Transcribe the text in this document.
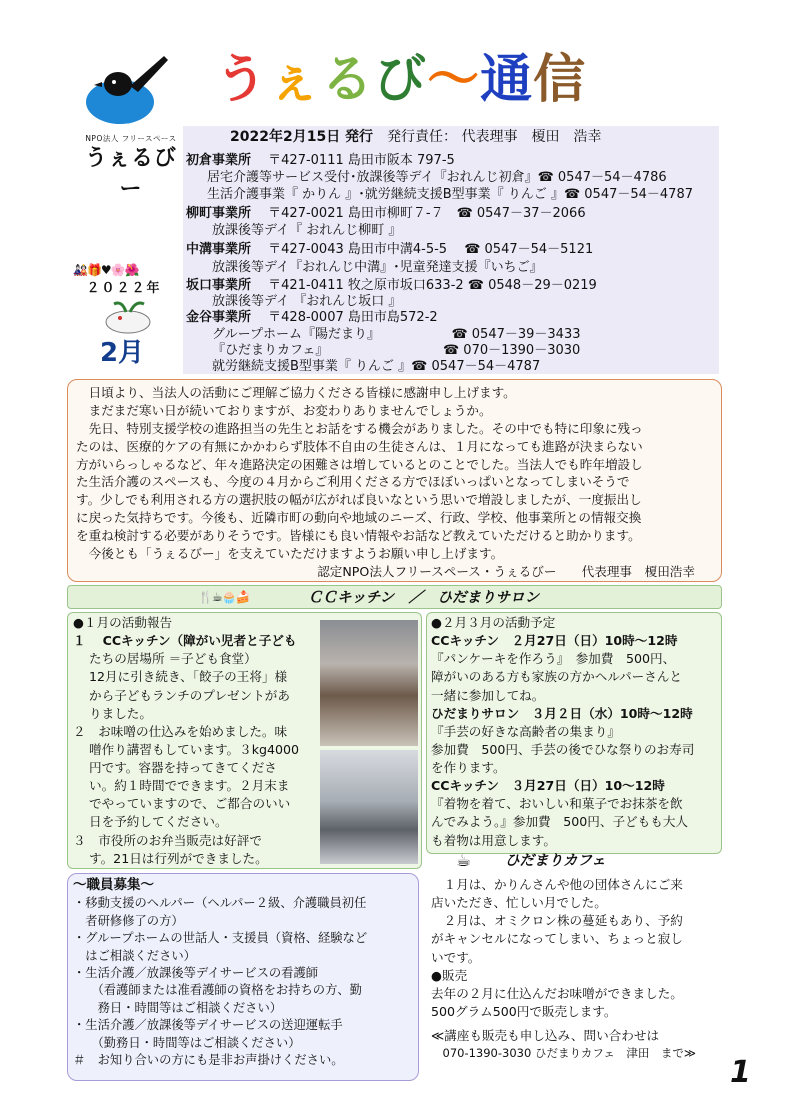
NPO法人 フリースペース
うぇるびー
うぇるび～通信
2022年2月15日 発行　 発行責任： 代表理事　榎田　浩幸
初倉事業所　 〒427-0111 島田市阪本 797-5
居宅介護等サービス受付･放課後等デイ『おれんじ初倉』☎ 0547－54－4786
生活介護事業『 かりん 』･就労継続支援B型事業『 りんご 』☎ 0547－54－4787
柳町事業所　 〒427-0021 島田市柳町７-７　☎ 0547－37－2066
放課後等デイ『 おれんじ柳町 』
中溝事業所　 〒427-0043 島田市中溝4-5-5　 ☎ 0547－54－5121
放課後等デイ『おれんじ中溝』･児童発達支援『いちご』
坂口事業所　 〒421-0411 牧之原市坂口633-2 ☎ 0548－29－0219
放課後等デイ 『おれんじ坂口 』
金谷事業所　 〒428-0007 島田市島572-2
グループホーム『陽だまり』　　　　　　☎ 0547－39－3433
『ひだまりカフェ』　　　　　　　　　 ☎ 070－1390－3030
就労継続支援B型事業『 りんご 』☎ 0547－54－4787
🎎🎁♥🌸🌺
２０２２年
2月

　日頃より、当法人の活動にご理解ご協力くださる皆様に感謝申し上げます。

　まだまだ寒い日が続いておりますが、お変わりありませんでしょうか。

　先日、特別支援学校の進路担当の先生とお話をする機会がありました。その中でも特に印象に残っ

たのは、医療的ケアの有無にかかわらず肢体不自由の生徒さんは、１月になっても進路が決まらない

方がいらっしゃるなど、年々進路決定の困難さは増しているとのことでした。当法人でも昨年増設し

た生活介護のスペースも、今度の４月からご利用くださる方でほぼいっぱいとなってしまいそうで

す。少しでも利用される方の選択肢の幅が広がれば良いなという思いで増設しましたが、一度振出し

に戻った気持ちです。今後も、近隣市町の動向や地域のニーズ、行政、学校、他事業所との情報交換

を重ね検討する必要がありそうです。皆様にも良い情報やお話など教えていただけると助かります。

　今後とも「うぇるびー」を支えていただけますようお願い申し上げます。

認定NPO法人フリースペース・うぇるびー　　代表理事　榎田浩幸

🍴☕🧁🍰	ＣＣキッチン　／　ひだまりサロン
●１月の活動報告
１　 CCキッチン（障がい児者と子ども
たちの居場所 ＝子ども食堂）
12月に引き続き、「餃子の王将」様
から子どもランチのプレゼントがあ
りました。
２　お味噌の仕込みを始めました。味
噌作り講習もしています。３kg4000
円です。容器を持ってきてくださ
い。約１時間でできます。２月末ま
でやっていますので、ご都合のいい
日を予約してください。
３　市役所のお弁当販売は好評で
す。21日は行列ができました。
●２月３月の活動予定
CCキッチン　２月27日（日）10時～12時
『パンケーキを作ろう』　参加費　500円、
障がいのある方も家族の方かヘルパーさんと
一緒に参加してね。
ひだまりサロン　３月２日（水）10時～12時
『手芸の好きな高齢者の集まり』
参加費　500円、手芸の後でひな祭りのお寿司
を作ります。
CCキッチン　３月27日（日）10～12時
『着物を着て、おいしい和菓子でお抹茶を飲
んでみよう。』参加費　500円、子どもも大人
も着物は用意します。
～職員募集～
・移動支援のヘルパー（ヘルパー２級、介護職員初任
　者研修修了の方）
・グループホームの世話人・支援員（資格、経験など
　はご相談ください）
・生活介護／放課後等デイサービスの看護師
　　（看護師または准看護師の資格をお持ちの方、勤
　　務日・時間等はご相談ください）
・生活介護／放課後等デイサービスの送迎運転手
　　（勤務日・時間等はご相談ください）
＃　お知り合いの方にも是非お声掛けください。
☕ ひだまりカフェ
　１月は、かりんさんや他の団体さんにご来
店いただき、忙しい月でした。
　２月は、オミクロン株の蔓延もあり、予約
がキャンセルになってしまい、ちょっと寂し
いです。
●販売
去年の２月に仕込んだお味噌ができました。
500グラム500円で販売します。
≪講座も販売も申し込み、問い合わせは
　070-1390-3030 ひだまりカフェ　津田　まで≫
1
